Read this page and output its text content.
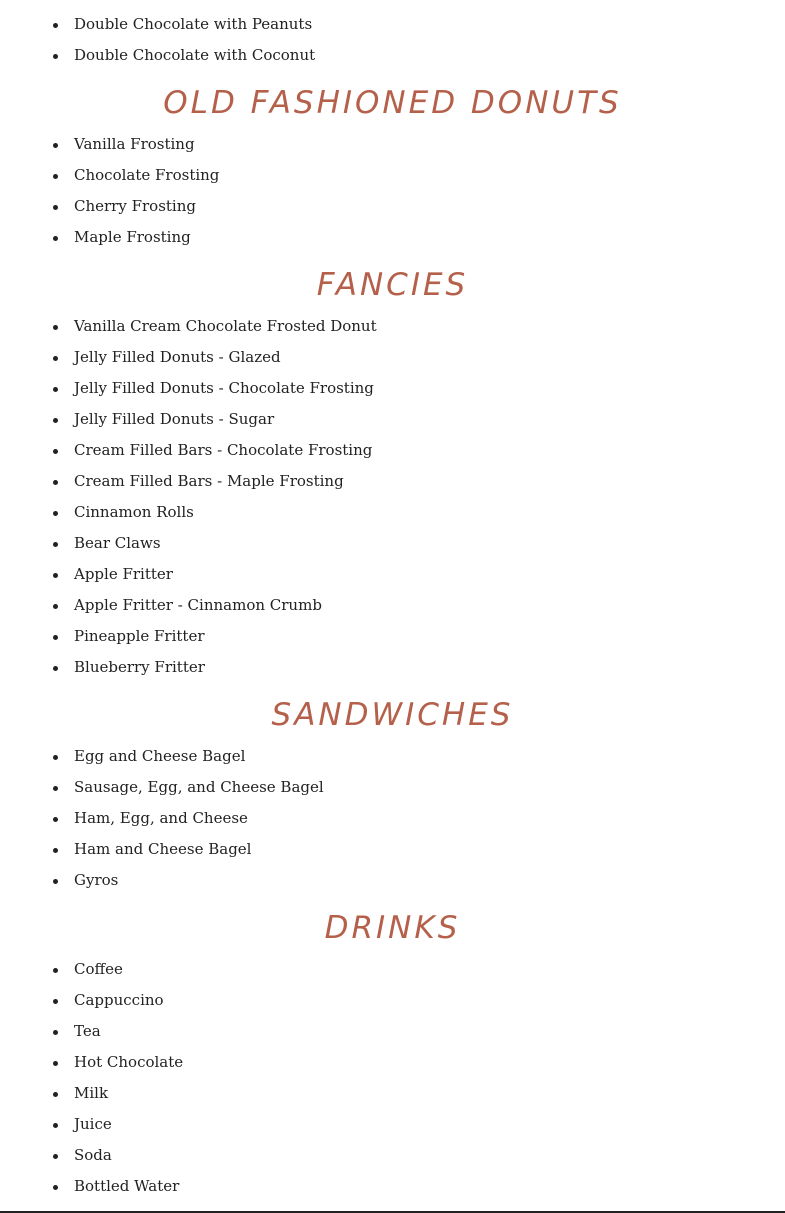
Double Chocolate with Peanuts
Double Chocolate with Coconut
OLD FASHIONED DONUTS
Vanilla Frosting
Chocolate Frosting
Cherry Frosting
Maple Frosting
FANCIES
Vanilla Cream Chocolate Frosted Donut
Jelly Filled Donuts - Glazed
Jelly Filled Donuts - Chocolate Frosting
Jelly Filled Donuts - Sugar
Cream Filled Bars - Chocolate Frosting
Cream Filled Bars - Maple Frosting
Cinnamon Rolls
Bear Claws
Apple Fritter
Apple Fritter - Cinnamon Crumb
Pineapple Fritter
Blueberry Fritter
SANDWICHES
Egg and Cheese Bagel
Sausage, Egg, and Cheese Bagel
Ham, Egg, and Cheese
Ham and Cheese Bagel
Gyros
DRINKS
Coffee
Cappuccino
Tea
Hot Chocolate
Milk
Juice
Soda
Bottled Water
